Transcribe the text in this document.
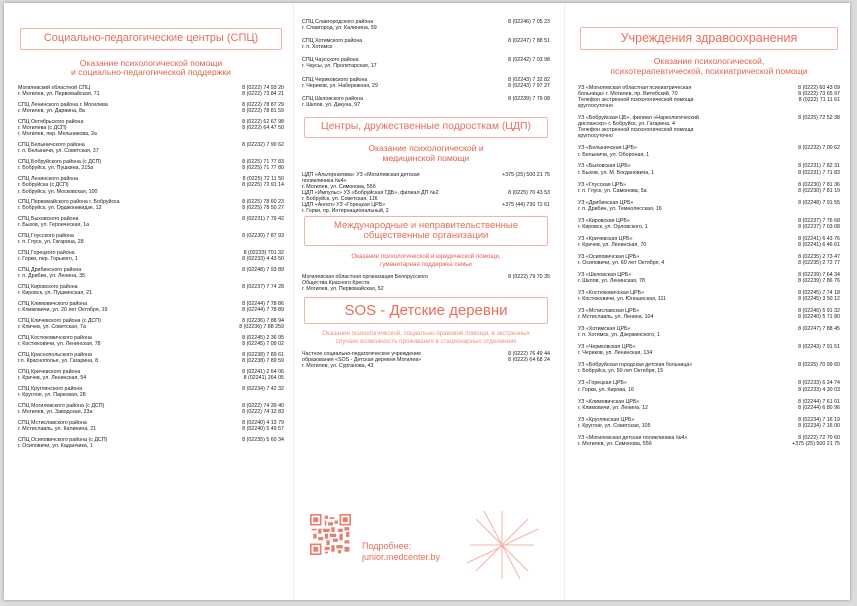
Социально-педагогические центры (СПЦ)
Оказание психологической помощи
и социально-педагогической поддержки
Могилевский областной СПЦ
г. Могилев, ул. Первомайская, 71
8 (0222) 74 93 20
8 (0222) 73 84 21
СПЦ Ленинского района г. Могилева
г. Могилев, ул. Дарвина, 8а
8 (0222) 78 87 29
8 (0222) 78 81 59
СПЦ Октябрьского района
г. Могилева (с ДСП)
г. Могилев, пер. Мельникова, 2а
8 (0222) 62 67 98
8 (0222) 64 47 50
СПЦ Белыничского района
г. п. Белыничи, ул. Советская, 37
8 (02232) 7 90 62
СПЦ Бобруйского района (с ДСП)
г. Бобруйск, ул. Пушкина, 215а
8 (0225) 71 77 83
8 (0225) 71 77 80
СПЦ Ленинского района
г. Бобруйска (с ДСП)
г. Бобруйск, ул. Московская, 100
8 (0225) 72 11 50
8 (0225) 72 91 14
СПЦ Первомайского района г. Бобруйска
г. Бобруйск, ул. Орджоникидзе, 12
8 (0225) 78 60 23
8 (0225) 78 50 27
СПЦ Быховского района
г. Быхов, ул. Героическая, 1а
8 (02231) 7 79 42
СПЦ Глусского района
г. п. Глуск, ул. Гагарина, 28
8 (02230) 7 87 93
СПЦ Горецкого района
г. Горки, пер. Горького, 1
8 (02233) 701 32
8 (02233) 4 43 50
СПЦ Дрибинского района
г. п. Дрибин, ул. Ленина, 35
8 (02248) 7 93 89
СПЦ Кировского района
г. Кировск, ул. Пушкинская, 21
8 (02237) 7 74 28
СПЦ Климовичского района
г. Климовичи, ул. 20 лет Октября, 19
8 (02244) 7 78 86
8 (02244) 7 78 89
СПЦ Кличевского района (с ДСП)
г. Кличев, ул. Советская, 7а
8 (02236) 7 88 94
8 (02236) 7 88 259
СПЦ Костюковичского района
г. Костюковичи, ул. Ленинская, 78
8 (02245) 2 36 95
8 (02245) 7 09 02
СПЦ Краснопольского района
г.п. Краснополье, ул. Гагарина, 8
8 (02238) 7 89 61
8 (02238) 7 89 59
СПЦ Кричевского района
г. Кричев, ул. Ленинская, 54
8 (02241) 2 64 06
8 (02241) 264 05
СПЦ Круглянского района
г. Круглое, ул. Парковая, 28
8 (02234) 7 42 32
СПЦ Могилевского района (с ДСП)
г. Могилев, ул. Заводская, 23а
8 (0222) 74 39 40
8 (0222) 74 12 83
СПЦ Мстиславского района
г. Мстиславль, ул. Калинина, 21
8 (02240) 4 13 79
8 (02240) 5 49 57
СПЦ Осиповичского района (с ДСП)
г. Осиповичи, ул. Каданчика, 1
8 (02235) 5 60 34
СПЦ Славгородского района
г. Славгород, ул. Калинина, 59
8 (02246) 7 05 23
СПЦ Хотимского района
г. п. Хотимск
8 (02247) 7 88 51
СПЦ Чаусского района
г. Чаусы, ул. Пролетарская, 17
8 (02242) 7 03 98
СПЦ Чериковского района
г. Чериков, ул. Набережная, 29
8 (02243) 7 32 82
8 (02243) 7 97 27
СПЦ Шкловского района
г. Шклов, ул. Дикуна, 97
8 (02239) 7 79 08
Центры, дружественные подросткам (ЦДП)
Оказание психологической и
медицинской помощи
ЦДП «Альтернатива» УЗ «Могилевская детская
поликлиника №4»
г. Могилев, ул. Симонова, 55б
+375 (25) 500 21 75
ЦДП «Импульс» УЗ «Бобруйская ГДБ», филиал ДП №2
г. Бобруйск, ул. Советская, 116
8 (0225) 70 43 53
ЦДП «Ангел» УЗ «Горецкая ЦРБ»
г. Горки, пр. Интернациональный, 2
+375 (44) 730 72 61
Международные и неправительственные
общественные организации
Оказание психологической и юридической помощи,
гуманитарная поддержка семьи
Могилевская областная организация Белорусского
Общества Красного Креста
г. Могилев, ул. Первомайская, 52
8 (0222) 79 70 35
SOS - Детские деревни
Оказание психологической, социально-правовой помощи, в экстренных
случаях возможность проживания в стационарных отделениях
Частное социально-педагогическое учреждение
образования «SOS - Детская деревня Могилев»
г. Могилев, ул. Сурганова, 43
8 (0222) 76 49 44
8 (0222) 64 68 24
Подробнее:
junior.medcenter.by
Учреждения здравоохранения
Оказание психологической,
психотерапевтической, психиатрической помощи
УЗ «Могилевская областная психиатрическая
больница» г. Могилев, пр. Витебский, 70
Телефон экстренной психологической помощи
круглосуточно
8 (0222) 60 43 09
8 (0222) 73 65 97
8 (0222) 71 11 61
УЗ «Бобруйская ЦБ», филиал «Наркологический
диспансер» г. Бобруйск, ул. Гагарина, 4
Телефон экстренной психологической помощи
круглосуточно
8 (0225) 72 52 38
УЗ «Белыничская ЦРБ»
г. Белыничи, ул. Обороная, 1
8 (02232) 7 00 62
УЗ «Быховская ЦРБ»
г. Быхов, ул. М. Богдановича, 1
8 (02231) 7 82 31
8 (02231) 7 71 83
УЗ «Глусская ЦРБ»
г. п. Глуск, ул. Самонова, 5а
8 (02230) 7 81 36
8 (02230) 7 81 19
УЗ «Дрибинская ЦРБ»
г. п. Дрибин, ул. Темнолесская, 16
8 (02248) 7 91 55
УЗ «Кировская ЦРБ»
г. Кировск, ул. Орловского, 1
8 (02237) 7 76 68
8 (02237) 7 03 08
УЗ «Кричевская ЦРБ»
г. Кричев, ул. Ленинская, 70
8 (02241) 6 43 76
8 (02241) 6 46 61
УЗ «Осиповичская ЦРБ»
г. Осиповичи, ул. 60 лет Октября, 4
8 (02235) 2 73 47
8 (02235) 2 72 77
УЗ «Шкловская ЦРБ»
г. Шклов, ул. Ленинская, 78
8 (02239) 7 64 34
8 (02239) 7 86 76
УЗ «Костюковичская ЦРБ»
г. Костюковичи, ул. Юношеская, 111
8 (02245) 7 74 18
8 (02245) 3 50 12
УЗ «Мстиславская ЦРБ»
г. Мстиславль, ул. Ленина, 104
8 (02240) 5 91 32
8 (02240) 5 71 80
УЗ «Хотимская ЦРБ»
г. п. Хотимск, ул. Дзержинского, 1
8 (02247) 7 88 45
УЗ «Чериковская ЦРБ»
г. Чериков, ул. Ленинская, 134
8 (02243) 7 91 51
УЗ «Бобруйская городская детская больница»
г. Бобруйск, ул. 50 лет Октября, 15
8 (0225) 70 99 60
УЗ «Горецкая ЦРБ»
г. Горки, ул. Кирова, 16
8 (02233) 6 24 74
8 (02233) 4 30 03
УЗ «Климовичская ЦРБ»
г. Климовичи, ул. Ленина, 12
8 (02244) 7 61 01
8 (02244) 6 80 96
УЗ «Круглянская ЦРБ»
г. Круглое, ул. Советская, 105
8 (02234) 7 16 19
8 (02234) 7 16 00
УЗ «Могилевская детская поликлиника №4»
г. Могилев, ул. Симонова, 55б
8 (0222) 72 70 60
+375 (25) 500 21 75
